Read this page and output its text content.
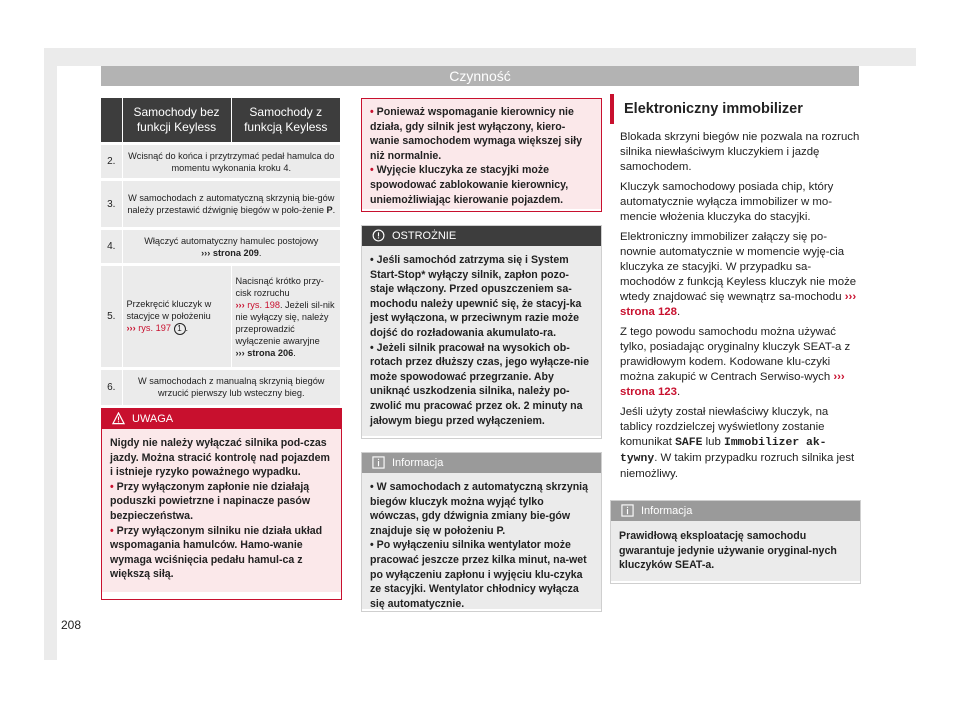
Czynność
	Samochody bez funkcji Keyless	Samochody z funkcją Keyless
2.	Wcisnąć do końca i przytrzymać pedał hamulca do momentu wykonania kroku 4.	
3.	W samochodach z automatyczną skrzynią bie-gów należy przestawić dźwignię biegów w poło-żenie P.	
4.	Włączyć automatyczny hamulec postojowy
››› strona 209.	
5.	Przekręcić kluczyk w stacyjce w położeniu
››› rys. 197 1 .	Nacisnąć krótko przy-cisk rozruchu
››› rys. 198. Jeżeli sil-nik nie wyłączy się, należy przeprowadzić wyłączenie awaryjne
››› strona 206.
6.	W samochodach z manualną skrzynią biegów wrzucić pierwszy lub wsteczny bieg.	
UWAGA

Nigdy nie należy wyłączać silnika pod-czas jazdy. Można stracić kontrolę nad pojazdem i istnieje ryzyko poważnego wypadku.

• Przy wyłączonym zapłonie nie działają poduszki powietrzne i napinacze pasów bezpieczeństwa.

• Przy wyłączonym silniku nie działa układ wspomagania hamulców. Hamo-wanie wymaga wciśnięcia pedału hamul-ca z większą siłą.

• Ponieważ wspomaganie kierownicy nie działa, gdy silnik jest wyłączony, kiero-wanie samochodem wymaga większej siły niż normalnie.

• Wyjęcie kluczyka ze stacyjki może spowodować zablokowanie kierownicy, uniemożliwiając kierowanie pojazdem.

OSTROŻNIE

• Jeśli samochód zatrzyma się i System Start-Stop* wyłączy silnik, zapłon pozo-staje włączony. Przed opuszczeniem sa-mochodu należy upewnić się, że stacyj-ka jest wyłączona, w przeciwnym razie może dojść do rozładowania akumulato-ra.

• Jeżeli silnik pracował na wysokich ob-rotach przez dłuższy czas, jego wyłącze-nie może spowodować przegrzanie. Aby uniknąć uszkodzenia silnika, należy po-zwolić mu pracować przez ok. 2 minuty na jałowym biegu przed wyłączeniem.

Informacja

• W samochodach z automatyczną skrzynią biegów kluczyk można wyjąć tylko wówczas, gdy dźwignia zmiany bie-gów znajduje się w położeniu P.

• Po wyłączeniu silnika wentylator może pracować jeszcze przez kilka minut, na-wet po wyłączeniu zapłonu i wyjęciu klu-czyka ze stacyjki. Wentylator chłodnicy wyłącza się automatycznie.

Elektroniczny immobilizer

Blokada skrzyni biegów nie pozwala na rozruch silnika niewłaściwym kluczykiem i jazdę samochodem.

Kluczyk samochodowy posiada chip, który automatycznie wyłącza immobilizer w mo-mencie włożenia kluczyka do stacyjki.

Elektroniczny immobilizer załączy się po-nownie automatycznie w momencie wyję-cia kluczyka ze stacyjki. W przypadku sa-mochodów z funkcją Keyless kluczyk nie może wtedy znajdować się wewnątrz sa-mochodu ››› strona 128.

Z tego powodu samochodu można używać tylko, posiadając oryginalny kluczyk SEAT-a z prawidłowym kodem. Kodowane klu-czyki można zakupić w Centrach Serwiso-wych ››› strona 123.

Jeśli użyty został niewłaściwy kluczyk, na tablicy rozdzielczej wyświetlony zostanie komunikat SAFE lub Immobilizer ak-tywny. W takim przypadku rozruch silnika jest niemożliwy.

Informacja

Prawidłową eksploatację samochodu gwarantuje jedynie używanie oryginal-nych kluczyków SEAT-a.

208
